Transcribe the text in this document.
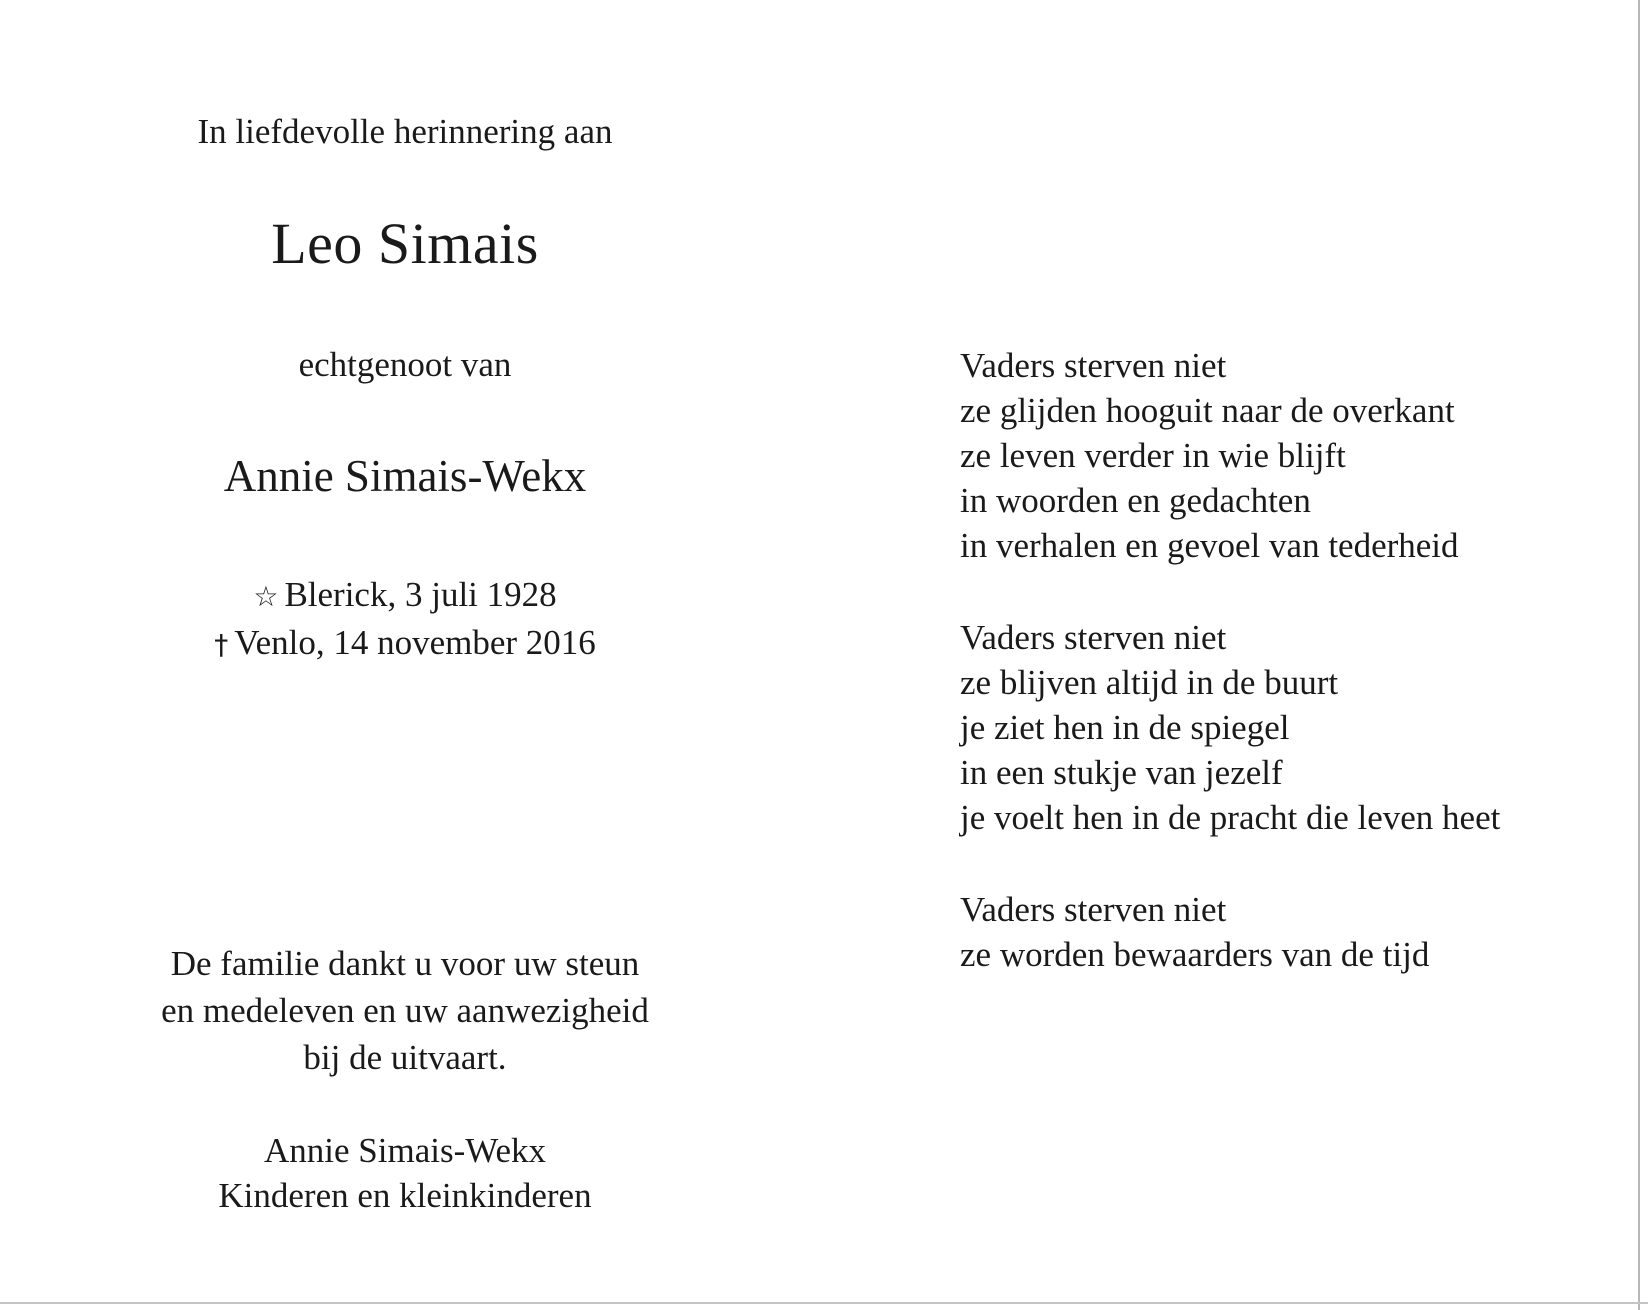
In liefdevolle herinnering aan
Leo Simais
echtgenoot van
Annie Simais-Wekx
☆ Blerick, 3 juli 1928
† Venlo, 14 november 2016
De familie dankt u voor uw steun
en medeleven en uw aanwezigheid
bij de uitvaart.
Annie Simais-Wekx
Kinderen en kleinkinderen
Vaders sterven niet
ze glijden hooguit naar de overkant
ze leven verder in wie blijft
in woorden en gedachten
in verhalen en gevoel van tederheid
Vaders sterven niet
ze blijven altijd in de buurt
je ziet hen in de spiegel
in een stukje van jezelf
je voelt hen in de pracht die leven heet
Vaders sterven niet
ze worden bewaarders van de tijd
